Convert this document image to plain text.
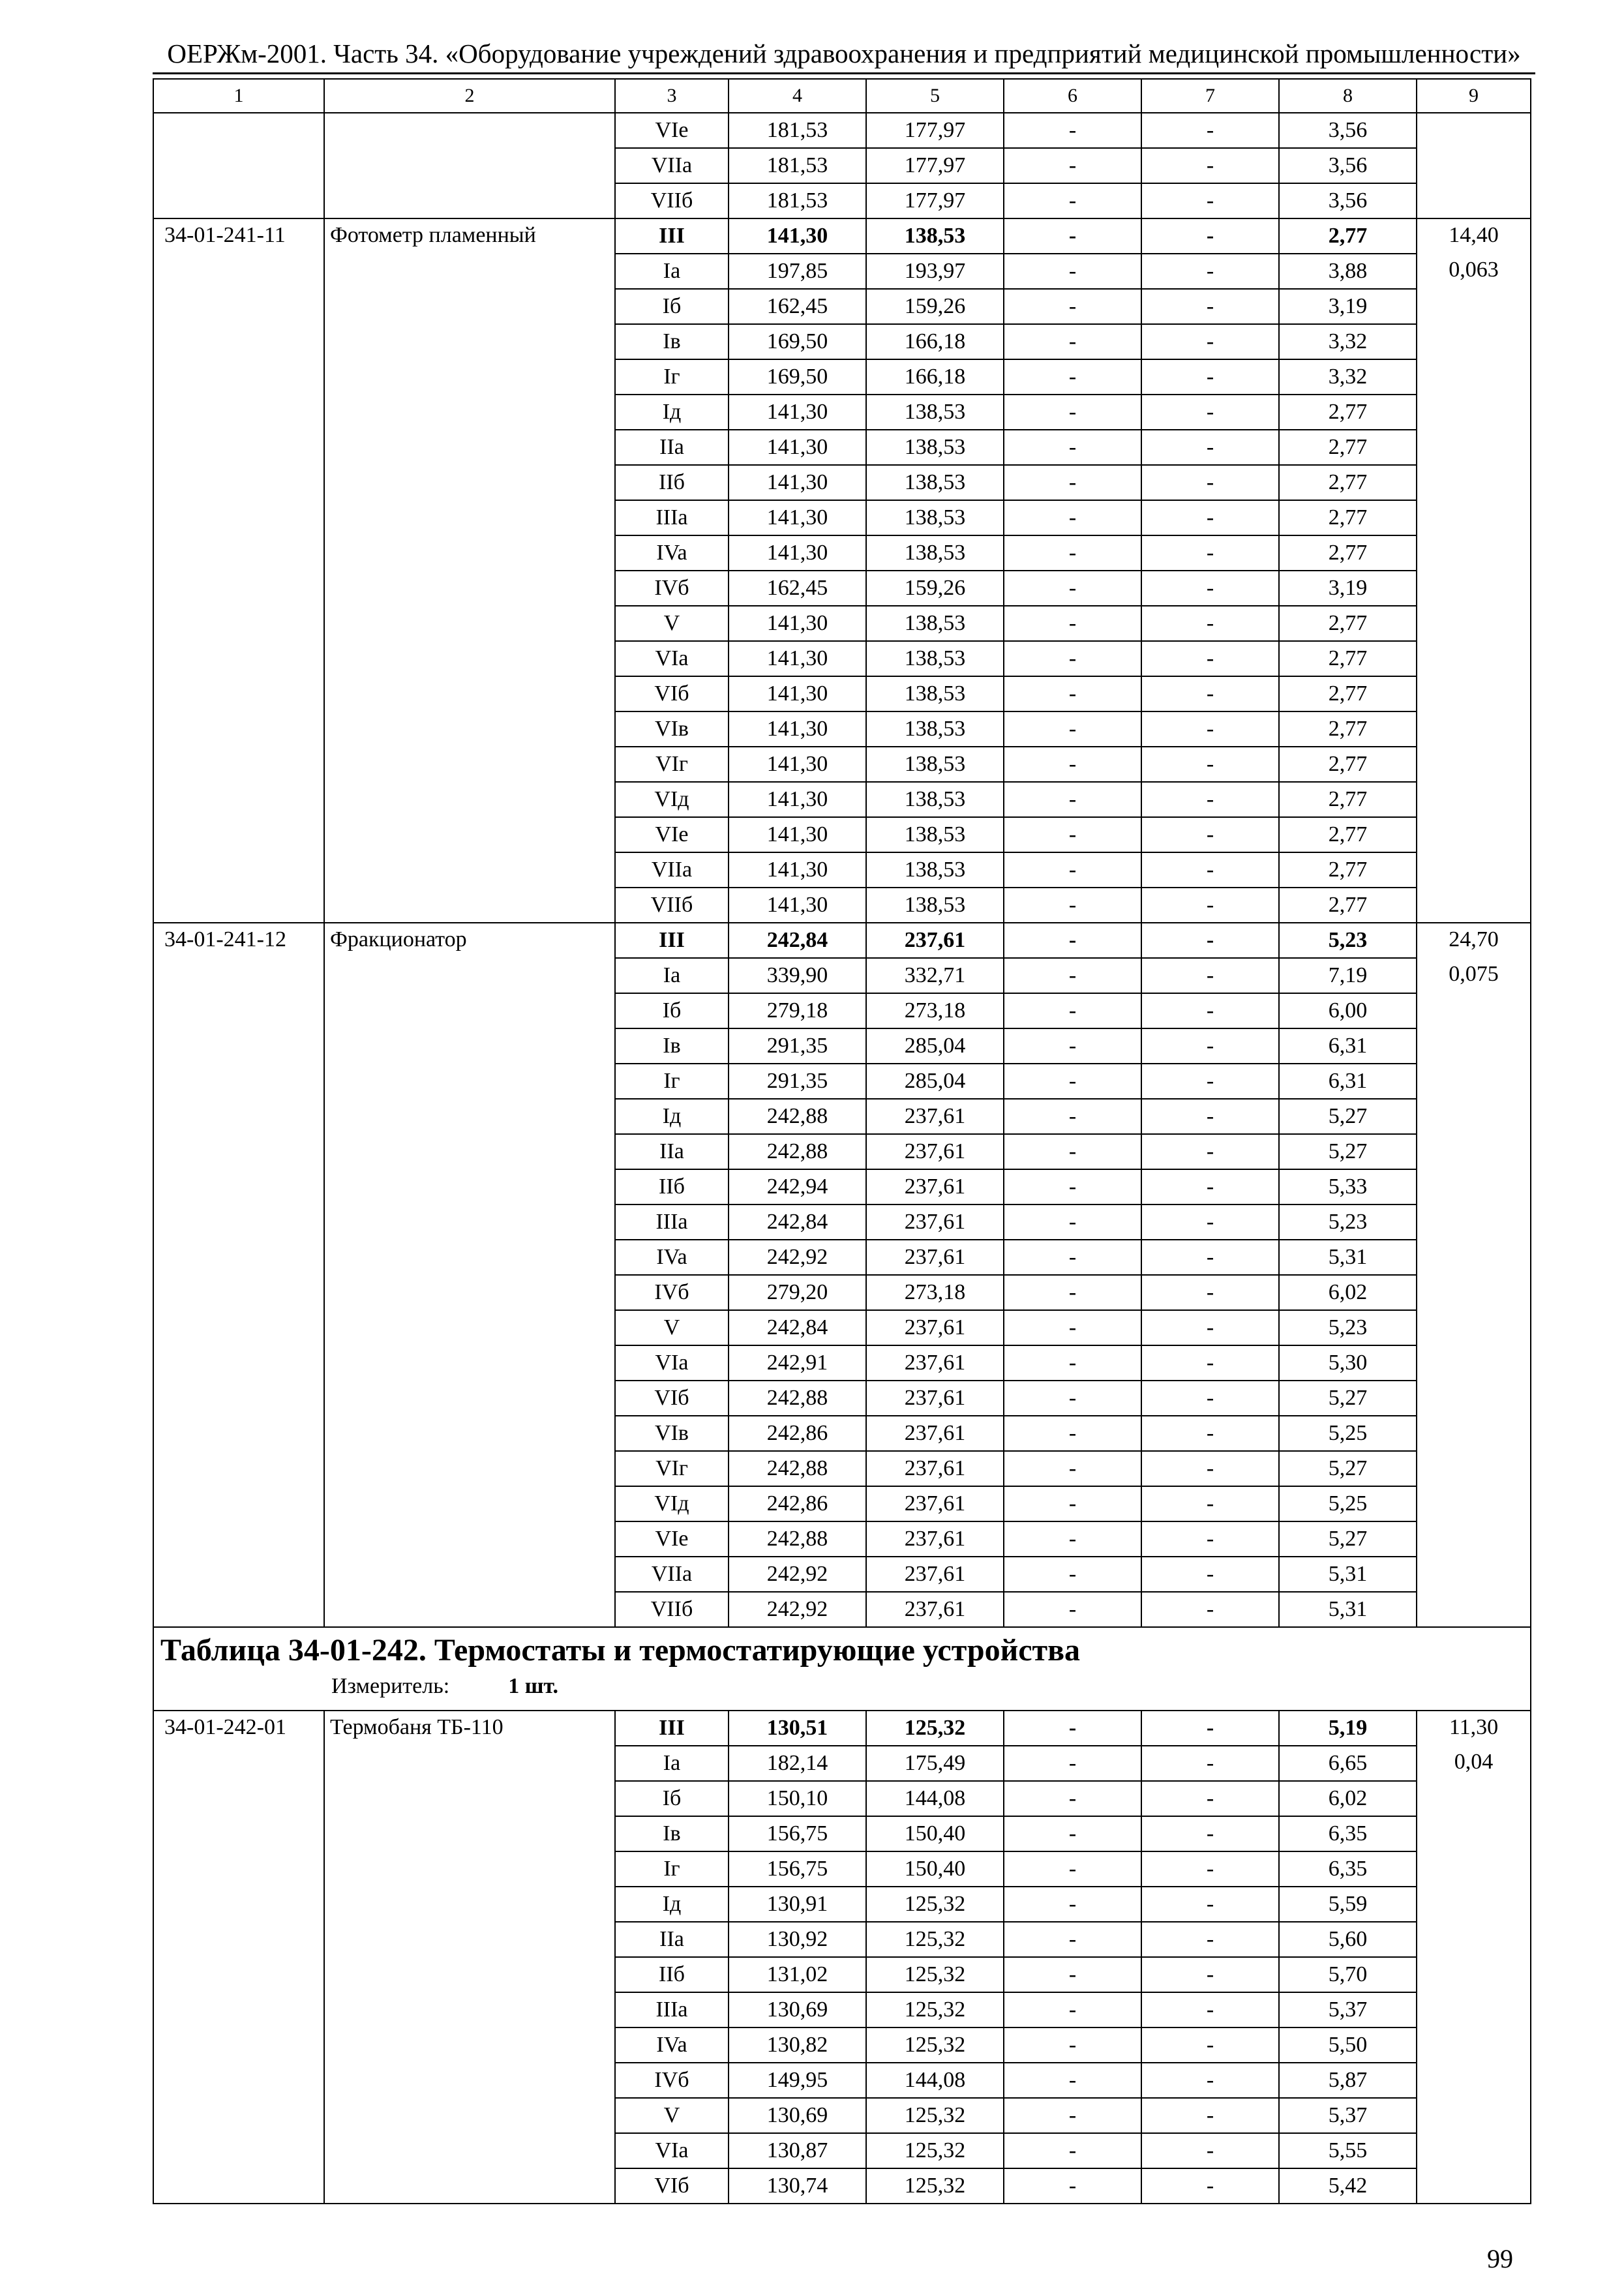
ОЕРЖм-2001. Часть 34. «Оборудование учреждений здравоохранения и предприятий медицинской промышленности»
1	2	3	4	5	6	7	8	9
		VIe	181,53	177,97	-	-	3,56	
		VIIa	181,53	177,97	-	-	3,56	
		VIIб	181,53	177,97	-	-	3,56	
34-01-241-11	Фотометр пламенный	III	141,30	138,53	-	-	2,77	14,40
		Ia	197,85	193,97	-	-	3,88	0,063
		Iб	162,45	159,26	-	-	3,19	
		Iв	169,50	166,18	-	-	3,32	
		Iг	169,50	166,18	-	-	3,32	
		Iд	141,30	138,53	-	-	2,77	
		IIa	141,30	138,53	-	-	2,77	
		IIб	141,30	138,53	-	-	2,77	
		IIIa	141,30	138,53	-	-	2,77	
		IVa	141,30	138,53	-	-	2,77	
		IVб	162,45	159,26	-	-	3,19	
		V	141,30	138,53	-	-	2,77	
		VIa	141,30	138,53	-	-	2,77	
		VIб	141,30	138,53	-	-	2,77	
		VIв	141,30	138,53	-	-	2,77	
		VIг	141,30	138,53	-	-	2,77	
		VIд	141,30	138,53	-	-	2,77	
		VIe	141,30	138,53	-	-	2,77	
		VIIa	141,30	138,53	-	-	2,77	
		VIIб	141,30	138,53	-	-	2,77	
34-01-241-12	Фракционатор	III	242,84	237,61	-	-	5,23	24,70
		Ia	339,90	332,71	-	-	7,19	0,075
		Iб	279,18	273,18	-	-	6,00	
		Iв	291,35	285,04	-	-	6,31	
		Iг	291,35	285,04	-	-	6,31	
		Iд	242,88	237,61	-	-	5,27	
		IIa	242,88	237,61	-	-	5,27	
		IIб	242,94	237,61	-	-	5,33	
		IIIa	242,84	237,61	-	-	5,23	
		IVa	242,92	237,61	-	-	5,31	
		IVб	279,20	273,18	-	-	6,02	
		V	242,84	237,61	-	-	5,23	
		VIa	242,91	237,61	-	-	5,30	
		VIб	242,88	237,61	-	-	5,27	
		VIв	242,86	237,61	-	-	5,25	
		VIг	242,88	237,61	-	-	5,27	
		VIд	242,86	237,61	-	-	5,25	
		VIe	242,88	237,61	-	-	5,27	
		VIIa	242,92	237,61	-	-	5,31	
		VIIб	242,92	237,61	-	-	5,31	

Таблица 34-01-242. Термостаты и термостатирующие устройства
Измеритель: 1 шт.								

34-01-242-01	Термобаня ТБ-110	III	130,51	125,32	-	-	5,19	11,30
		Ia	182,14	175,49	-	-	6,65	0,04
		Iб	150,10	144,08	-	-	6,02	
		Iв	156,75	150,40	-	-	6,35	
		Iг	156,75	150,40	-	-	6,35	
		Iд	130,91	125,32	-	-	5,59	
		IIa	130,92	125,32	-	-	5,60	
		IIб	131,02	125,32	-	-	5,70	
		IIIa	130,69	125,32	-	-	5,37	
		IVa	130,82	125,32	-	-	5,50	
		IVб	149,95	144,08	-	-	5,87	
		V	130,69	125,32	-	-	5,37	
		VIa	130,87	125,32	-	-	5,55	
		VIб	130,74	125,32	-	-	5,42	
99
